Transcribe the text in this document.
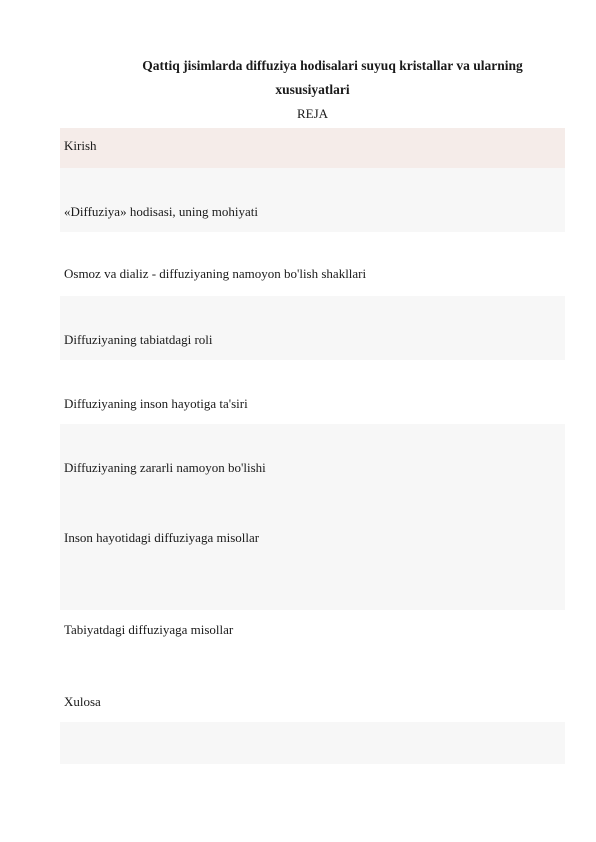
Qattiq jisimlarda diffuziya hodisalari suyuq kristallar va ularning
xususiyatlari
REJA
Kirish
«Diffuziya» hodisasi, uning mohiyati
Osmoz va dializ - diffuziyaning namoyon bo'lish shakllari
Diffuziyaning tabiatdagi roli
Diffuziyaning inson hayotiga ta'siri
Diffuziyaning zararli namoyon bo'lishi
Inson hayotidagi diffuziyaga misollar
Tabiyatdagi diffuziyaga misollar
Xulosa
